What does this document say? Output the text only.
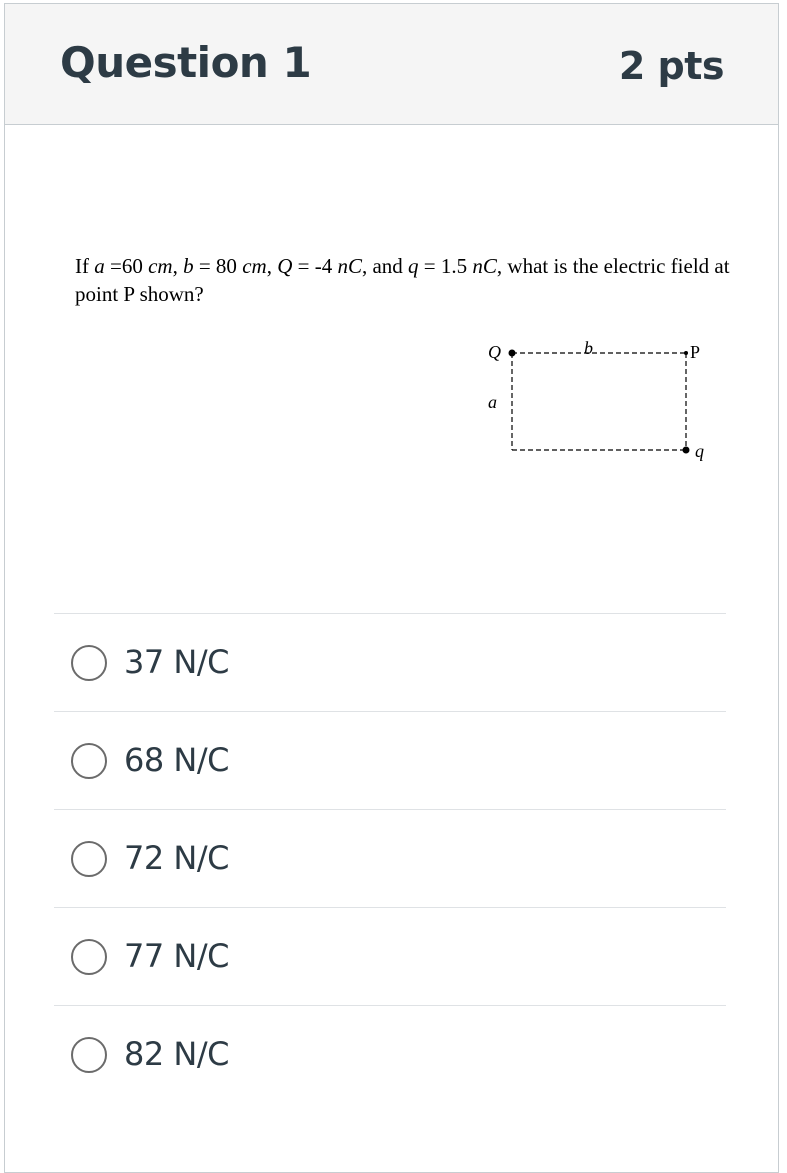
Question 1	2 pts
If a =60 cm, b = 80 cm, Q = -4 nC, and q = 1.5 nC, what is the electric field at point P shown?
Q	b	P
a
q
37 N/C
68 N/C
72 N/C
77 N/C
82 N/C
